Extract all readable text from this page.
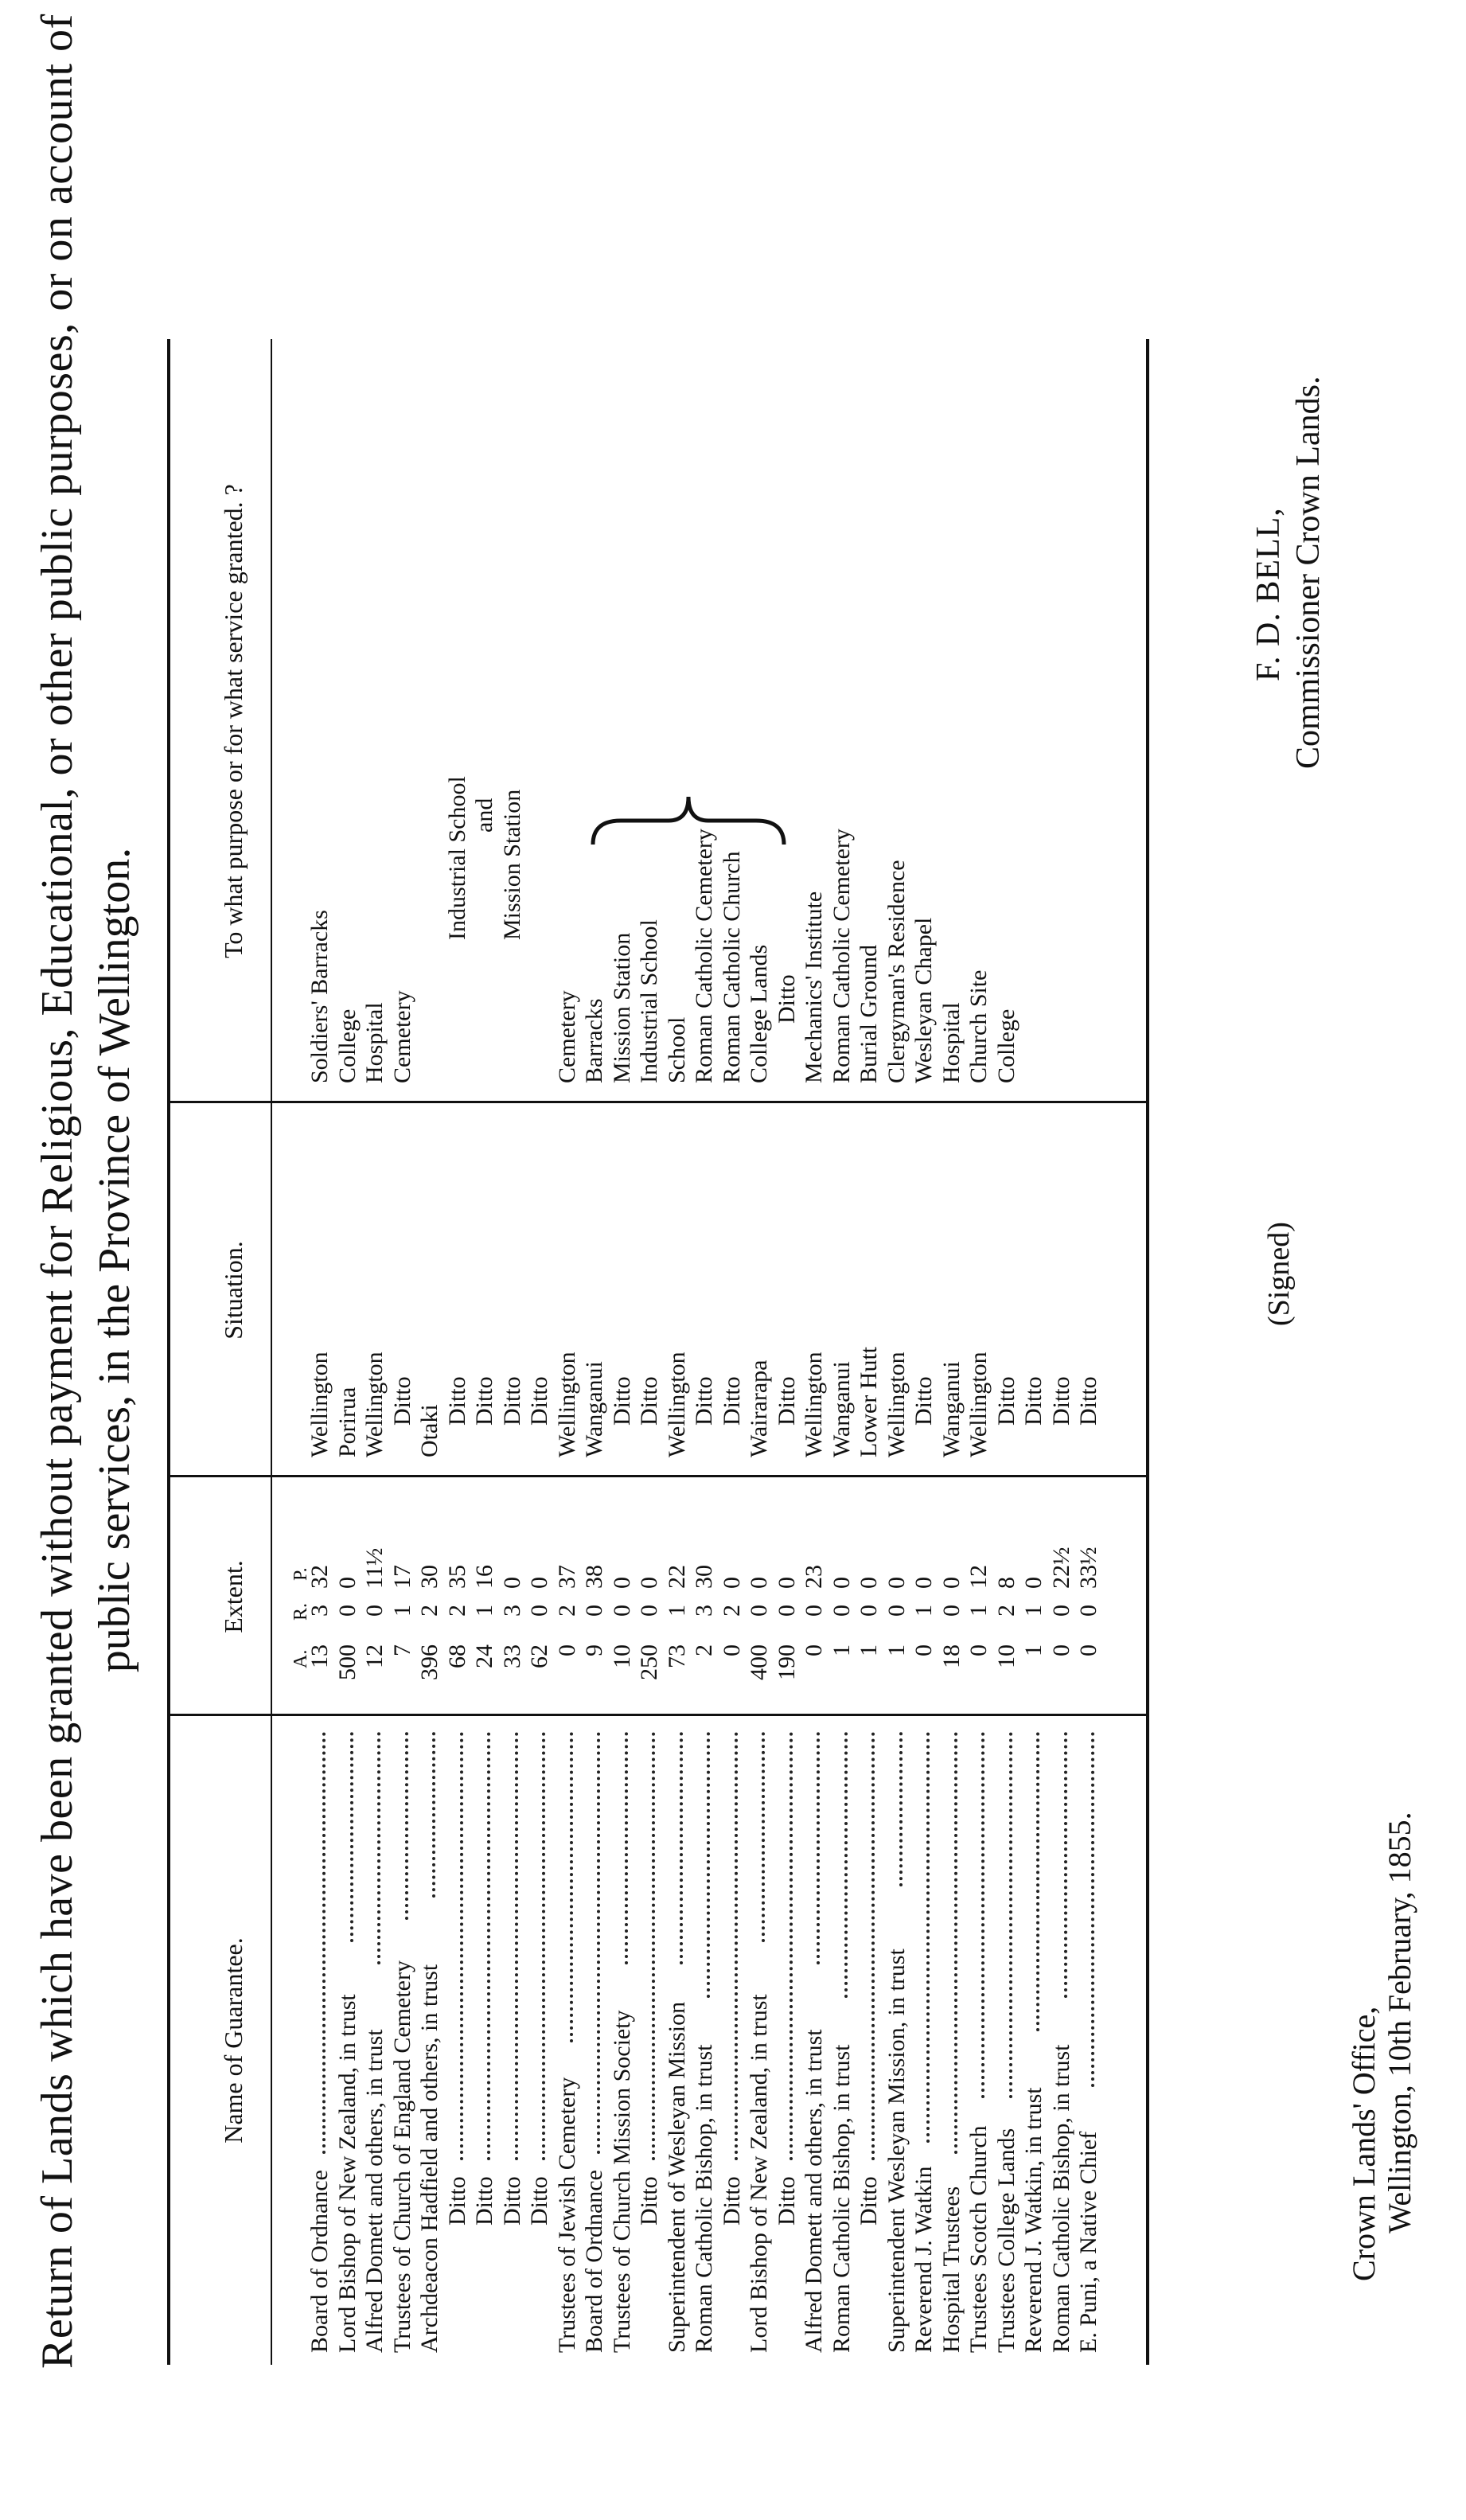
Return of Lands which have been granted without payment for Religious, Educational, or other public purposes, or on account of public services, in the Province of Wellington.
Name of Guarantee.
Extent.
Situation.
To what purpose or for what service granted. ?
A.
R.
P.
Board of Ordnance
13
3
32
Wellington
Soldiers' Barracks
Lord Bishop of New Zealand, in trust
500
0
0
Porirua
College
Alfred Domett and others, in trust
12
0
11½
Wellington
Hospital
Trustees of Church of England Cemetery
7
1
17
Ditto
Cemetery
Archdeacon Hadfield and others, in trust
396
2
30
Otaki
Ditto
68
2
35
Ditto
Industrial School
Ditto
24
1
16
Ditto
and
Ditto
33
3
0
Ditto
Mission Station
Ditto
62
0
0
Ditto
Trustees of Jewish Cemetery
0
2
37
Wellington
Cemetery
Board of Ordnance
9
0
38
Wanganui
Barracks
Trustees of Church Mission Society
10
0
0
Ditto
Mission Station
Ditto
250
0
0
Ditto
Industrial School
Superintendent of Wesleyan Mission
73
1
22
Wellington
School
Roman Catholic Bishop, in trust
2
3
30
Ditto
Roman Catholic Cemetery
Ditto
0
2
0
Ditto
Roman Catholic Church
Lord Bishop of New Zealand, in trust
400
0
0
Wairarapa
College Lands
Ditto
190
0
0
Ditto
Ditto
Alfred Domett and others, in trust
0
0
23
Wellington
Mechanics' Institute
Roman Catholic Bishop, in trust
1
0
0
Wanganui
Roman Catholic Cemetery
Ditto
1
0
0
Lower Hutt
Burial Ground
Superintendent Wesleyan Mission, in trust
1
0
0
Wellington
Clergyman's Residence
Reverend J. Watkin
0
1
0
Ditto
Wesleyan Chapel
Hospital Trustees
18
0
0
Wanganui
Hospital
Trustees Scotch Church
0
1
12
Wellington
Church Site
Trustees College Lands
10
2
8
Ditto
College
Reverend J. Watkin, in trust
1
1
0
Ditto
Roman Catholic Bishop, in trust
0
0
22½
Ditto
E. Puni, a Native Chief
0
0
33½
Ditto
(Signed)
F. D. BELL, Commissioner Crown Lands.
Crown Lands' Office, Wellington, 10th February, 1855.
